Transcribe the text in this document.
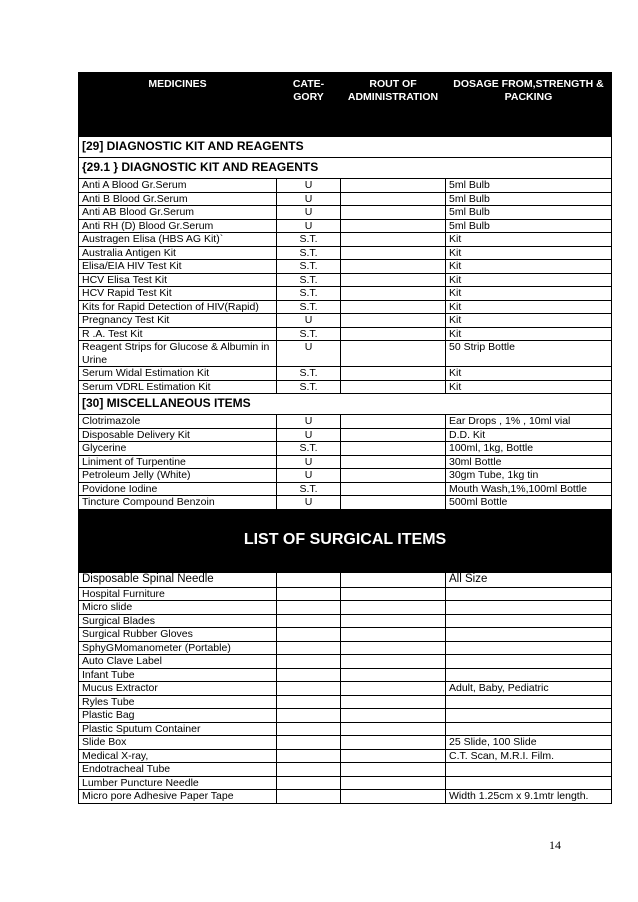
MEDICINES	CATE-GORY	ROUT OF ADMINISTRATION	DOSAGE FROM,STRENGTH & PACKING
[29] DIAGNOSTIC KIT AND REAGENTS			
{29.1 } DIAGNOSTIC KIT AND REAGENTS			
Anti A Blood Gr.Serum	U		5ml Bulb
Anti B Blood Gr.Serum	U		5ml Bulb
Anti AB Blood Gr.Serum	U		5ml Bulb
Anti RH (D) Blood Gr.Serum	U		5ml Bulb
Austragen Elisa (HBS AG Kit)`	S.T.		Kit
Australia Antigen Kit	S.T.		Kit
Elisa/EIA HIV Test Kit	S.T.		Kit
HCV Elisa Test Kit	S.T.		Kit
HCV Rapid Test Kit	S.T.		Kit
Kits for Rapid Detection of HIV(Rapid)	S.T.		Kit
Pregnancy Test Kit	U		Kit
R .A. Test Kit	S.T.		Kit
Reagent Strips for Glucose & Albumin in Urine	U		50 Strip Bottle
Serum Widal Estimation Kit	S.T.		Kit
Serum VDRL Estimation Kit	S.T.		Kit
[30] MISCELLANEOUS ITEMS			
Clotrimazole	U		Ear Drops , 1% , 10ml vial
Disposable Delivery Kit	U		D.D. Kit
Glycerine	S.T.		100ml, 1kg, Bottle
Liniment of Turpentine	U		30ml Bottle
Petroleum Jelly (White)	U		30gm Tube, 1kg tin
Povidone Iodine	S.T.		Mouth Wash,1%,100ml Bottle
Tincture Compound Benzoin	U		500ml Bottle
LIST OF SURGICAL ITEMS			
Disposable Spinal Needle			All Size
Hospital Furniture			
Micro slide			
Surgical Blades			
Surgical Rubber Gloves			
SphyGMomanometer (Portable)			
Auto Clave Label			
Infant Tube			
Mucus Extractor			Adult, Baby, Pediatric
Ryles Tube			
Plastic Bag			
Plastic Sputum Container			
Slide Box			25 Slide, 100 Slide
Medical X-ray,			C.T. Scan, M.R.I. Film.
Endotracheal Tube			
Lumber Puncture Needle			
Micro pore Adhesive Paper Tape			Width 1.25cm x 9.1mtr length.
14
